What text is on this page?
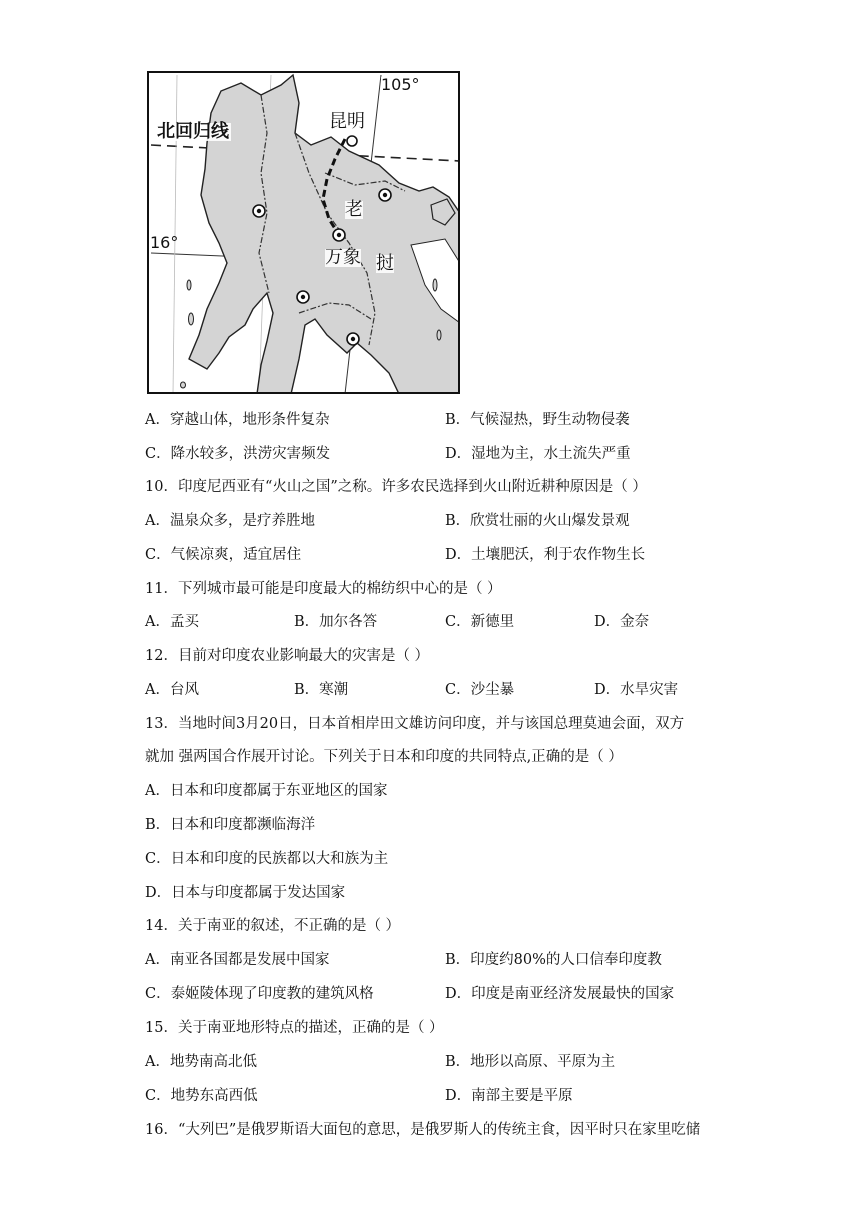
北回归线
105°
16°
昆明
老
万象 挝
A．穿越山体，地形条件复杂	B．气候湿热，野生动物侵袭
C．降水较多，洪涝灾害频发	D．湿地为主，水土流失严重
10．印度尼西亚有“火山之国”之称。许多农民选择到火山附近耕种原因是（ ）
A．温泉众多，是疗养胜地	B．欣赏壮丽的火山爆发景观
C．气候凉爽，适宜居住	D．土壤肥沃，利于农作物生长
11．下列城市最可能是印度最大的棉纺织中心的是（ ）
A．孟买	B．加尔各答	C．新德里	D．金奈
12．目前对印度农业影响最大的灾害是（ ）
A．台风	B．寒潮	C．沙尘暴	D．水旱灾害
13．当地时间3月20日，日本首相岸田文雄访问印度，并与该国总理莫迪会面，双方
就加 强两国合作展开讨论。下列关于日本和印度的共同特点,正确的是（ ）
A．日本和印度都属于东亚地区的国家
B．日本和印度都濒临海洋
C．日本和印度的民族都以大和族为主
D．日本与印度都属于发达国家
14．关于南亚的叙述，不正确的是（ ）
A．南亚各国都是发展中国家	B．印度约80%的人口信奉印度教
C．泰姬陵体现了印度教的建筑风格	D．印度是南亚经济发展最快的国家
15．关于南亚地形特点的描述，正确的是（ ）
A．地势南高北低	B．地形以高原、平原为主
C．地势东高西低	D．南部主要是平原
16．“大列巴”是俄罗斯语大面包的意思，是俄罗斯人的传统主食，因平时只在家里吃储
